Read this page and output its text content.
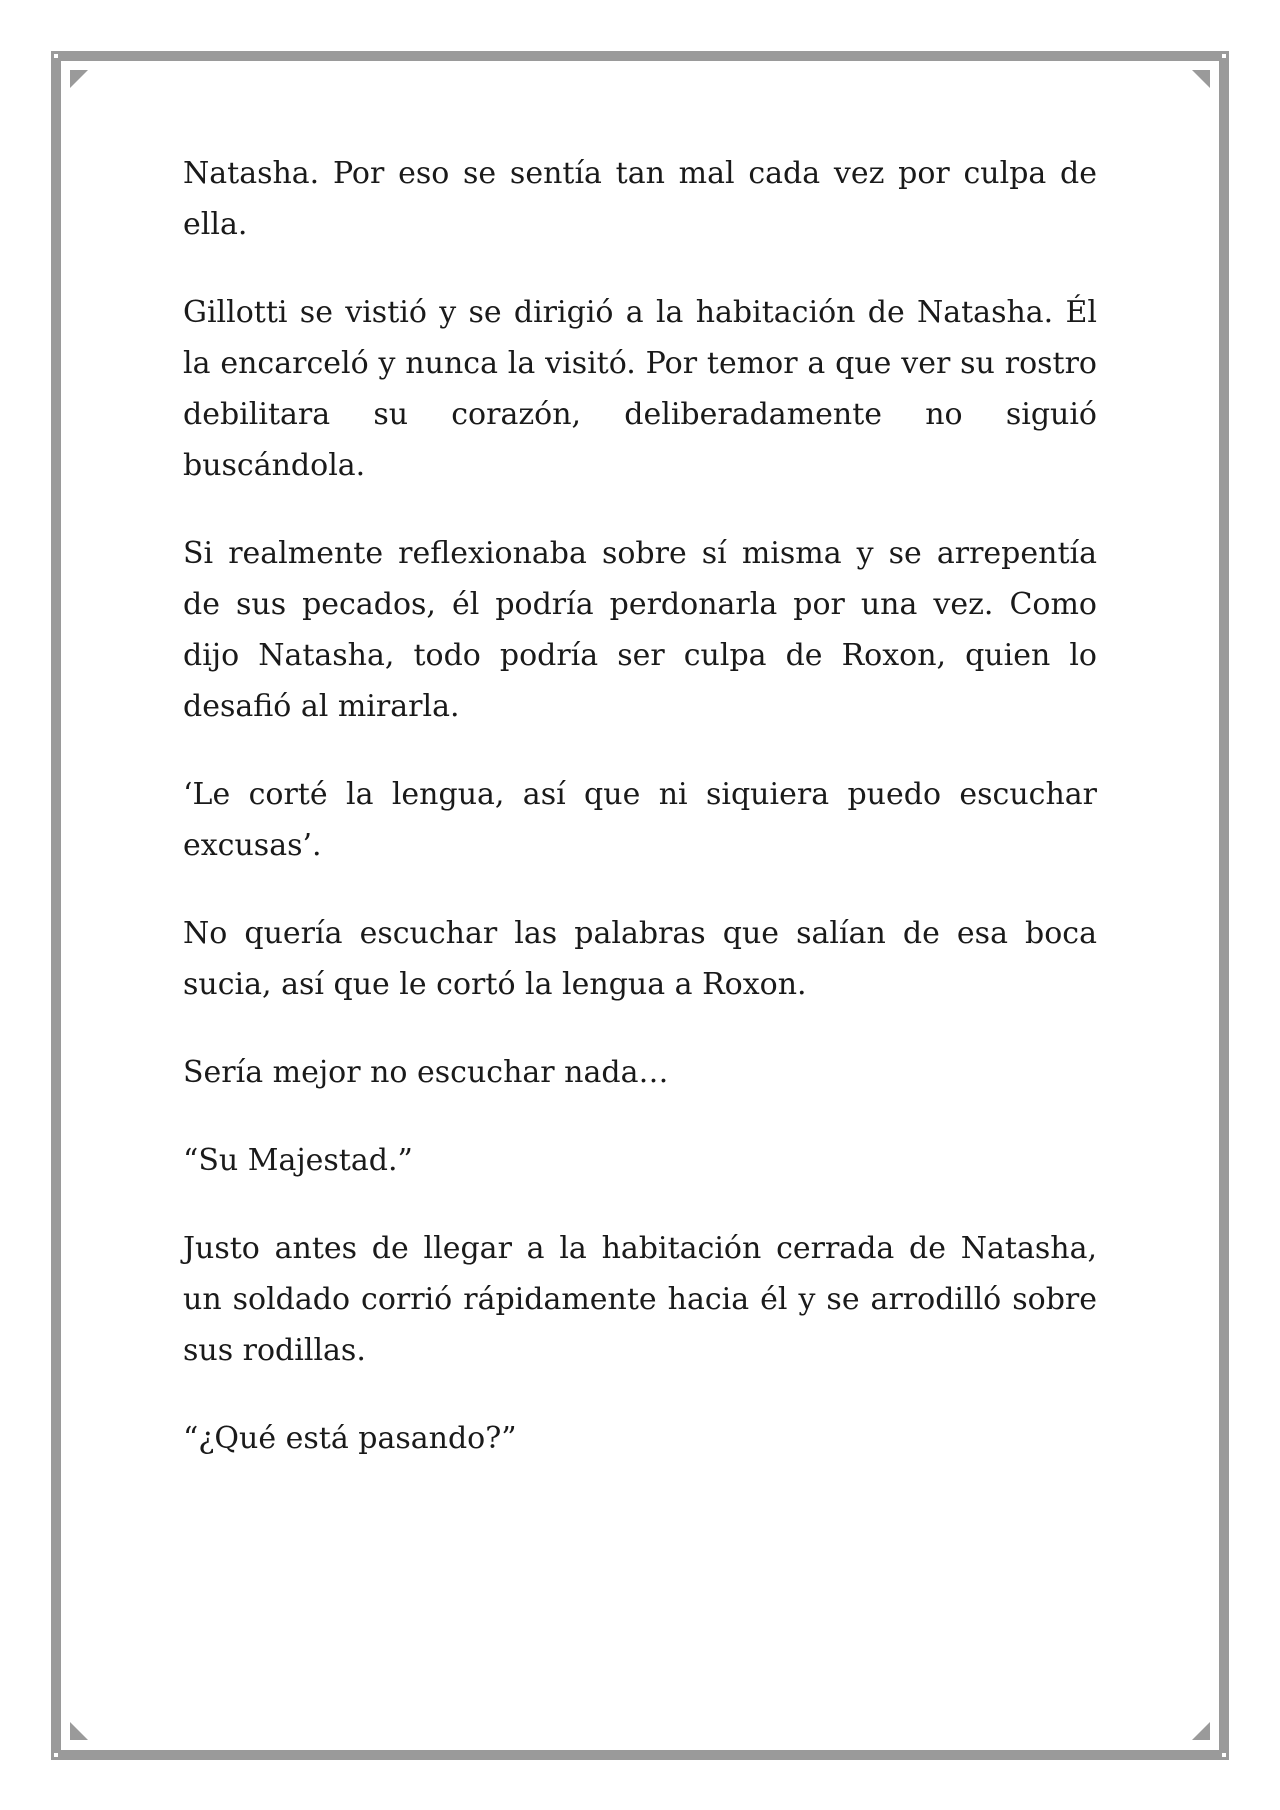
Natasha. Por eso se sentía tan mal cada vez por culpa de ella.

Gillotti se vistió y se dirigió a la habitación de Natasha. Él la encarceló y nunca la visitó. Por temor a que ver su rostro debilitara su corazón, deliberadamente no siguió buscándola.

Si realmente reflexionaba sobre sí misma y se arrepentía de sus pecados, él podría perdonarla por una vez. Como dijo Natasha, todo podría ser culpa de Roxon, quien lo desafió al mirarla.

‘Le corté la lengua, así que ni siquiera puedo escuchar excusas’.

No quería escuchar las palabras que salían de esa boca sucia, así que le cortó la lengua a Roxon.

Sería mejor no escuchar nada…

“Su Majestad.”

Justo antes de llegar a la habitación cerrada de Natasha, un soldado corrió rápidamente hacia él y se arrodilló sobre sus rodillas.

“¿Qué está pasando?”
